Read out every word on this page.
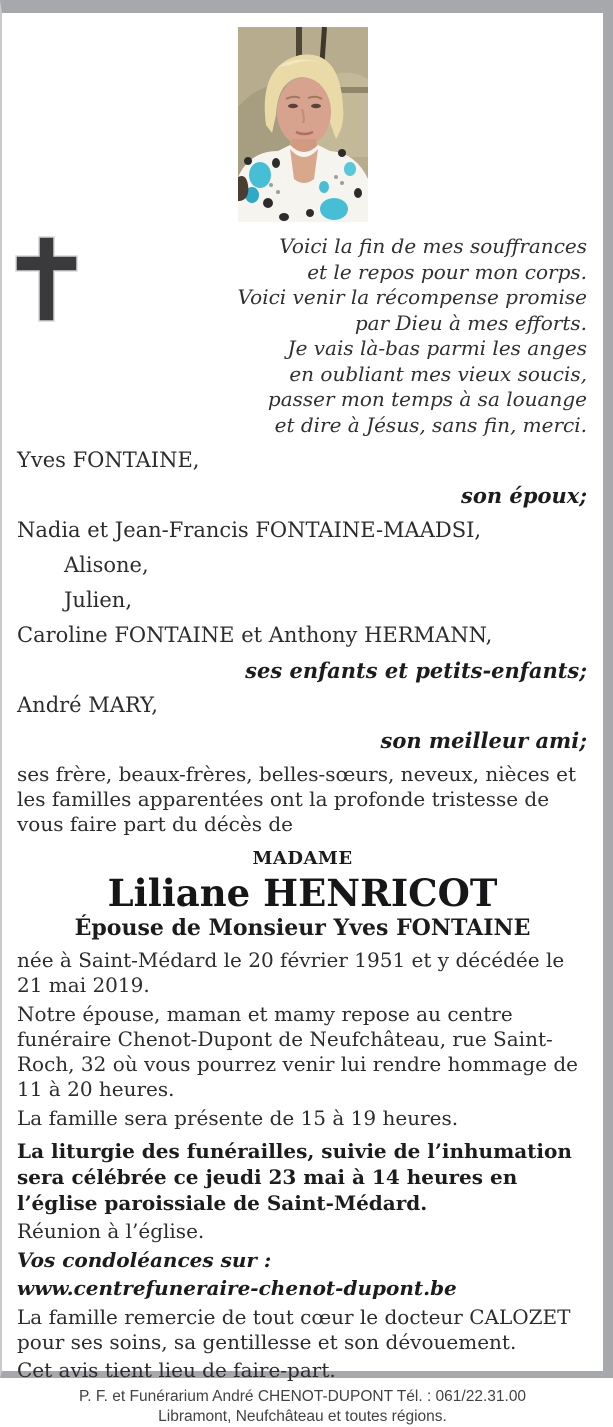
Voici la fin de mes souffrances
et le repos pour mon corps.
Voici venir la récompense promise
par Dieu à mes efforts.
Je vais là-bas parmi les anges
en oubliant mes vieux soucis,
passer mon temps à sa louange
et dire à Jésus, sans fin, merci.
Yves FONTAINE,
son époux;
Nadia et Jean-Francis FONTAINE-MAADSI,
Alisone,
Julien,
Caroline FONTAINE et Anthony HERMANN,
ses enfants et petits-enfants;
André MARY,
son meilleur ami;

ses frère, beaux-frères, belles-sœurs, neveux, nièces et les familles apparentées ont la profonde tristesse de vous faire part du décès de

MADAME
Liliane HENRICOT
Épouse de Monsieur Yves FONTAINE

née à Saint-Médard le 20 février 1951 et y décédée le 21 mai 2019.

Notre épouse, maman et mamy repose au centre funéraire Chenot-Dupont de Neufchâteau, rue Saint-Roch, 32 où vous pourrez venir lui rendre hommage de 11 à 20 heures.

La famille sera présente de 15 à 19 heures.

La liturgie des funérailles, suivie de l’inhumation sera célébrée ce jeudi 23 mai à 14 heures en l’église paroissiale de Saint-Médard.

Réunion à l’église.

Vos condoléances sur :

www.centrefuneraire-chenot-dupont.be

La famille remercie de tout cœur le docteur CALOZET pour ses soins, sa gentillesse et son dévouement.

Cet avis tient lieu de faire-part.

P. F. et Funérarium André CHENOT-DUPONT Tél. : 061/22.31.00
Libramont, Neufchâteau et toutes régions.
